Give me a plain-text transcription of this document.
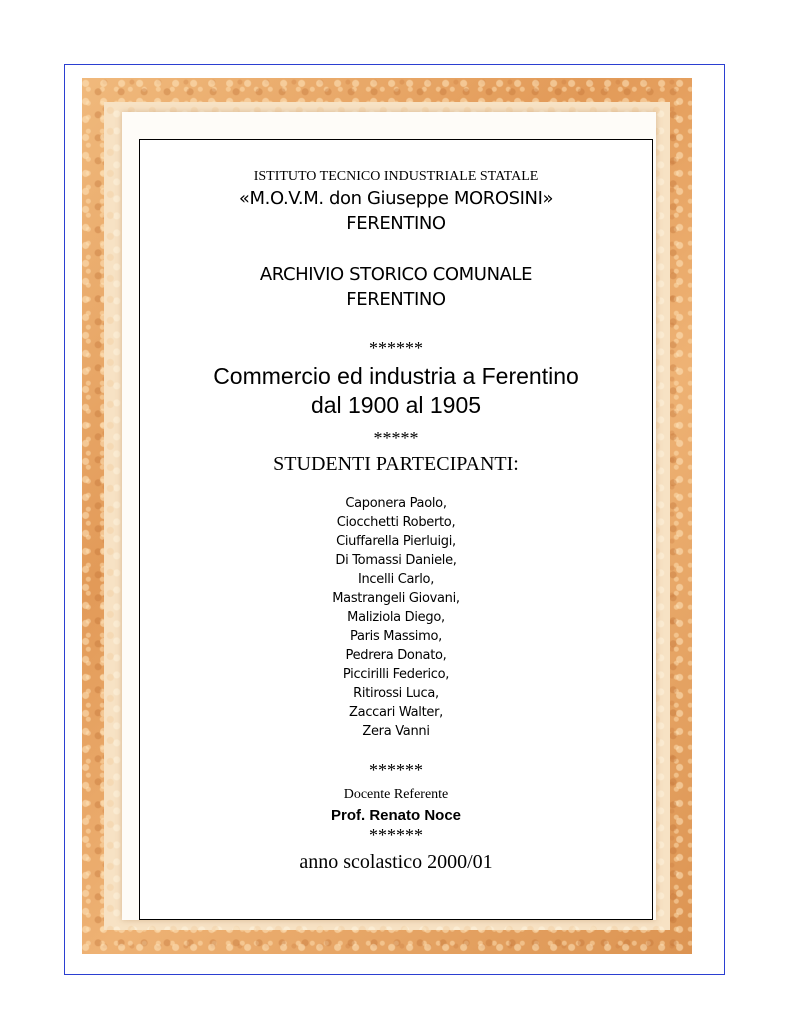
ISTITUTO TECNICO INDUSTRIALE STATALE
«M.O.V.M. don Giuseppe MOROSINI»
FERENTINO
ARCHIVIO STORICO COMUNALE
FERENTINO
******
Commercio ed industria a Ferentino
dal 1900 al 1905
*****
STUDENTI PARTECIPANTI:
Caponera Paolo,
Ciocchetti Roberto,
Ciuffarella Pierluigi,
Di Tomassi Daniele,
Incelli Carlo,
Mastrangeli Giovani,
Maliziola Diego,
Paris Massimo,
Pedrera Donato,
Piccirilli Federico,
Ritirossi Luca,
Zaccari Walter,
Zera Vanni
******
Docente Referente
Prof. Renato Noce
******
anno scolastico 2000/01
